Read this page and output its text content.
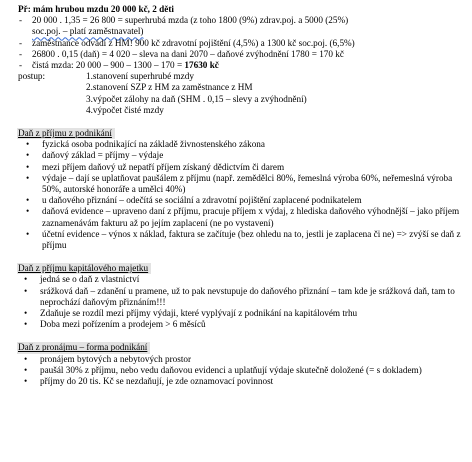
Př: mám hrubou mzdu 20 000 kč, 2 děti
- 20 000 . 1,35 = 26 800 = superhrubá mzda (z toho 1800 (9%) zdrav.poj. a 5000 (25%)
soc.poj. – platí zaměstnavatel)
- zaměstnance odvádí z HM! 900 kč zdravotní pojištění (4,5%) a 1300 kč soc.poj. (6,5%)
- 26800 . 0,15 (daň) = 4 020 – sleva na dani 2070 – daňové zvýhodnění 1780 = 170 kč
- čistá mzda: 20 000 – 900 – 1300 – 170 = 17630 kč
postup:	1.stanovení superhrubé mzdy
2.stanovení SZP z HM za zaměstnance z HM
3.výpočet zálohy na daň (SHM . 0,15 – slevy a zvýhodnění)
4.výpočet čisté mzdy
Daň z příjmu z podnikání
• fyzická osoba podnikající na základě živnostenského zákona
• daňový základ = příjmy – výdaje
• mezi příjem daňový už nepatří příjem získaný dědictvím či darem
• výdaje – dají se uplatňovat paušálem z příjmu (např. zemědělci 80%, řemeslná výroba 60%, neřemeslná výroba 50%, autorské honoráře a umělci 40%)
• u daňového přiznání – odečítá se sociální a zdravotní pojištění zaplacené podnikatelem
• daňová evidence – upraveno daní z příjmu, pracuje příjem x výdaj, z hlediska daňového výhodnější – jako příjem zaznamenávám fakturu až po jejím zaplacení (ne po vystavení)
• účetní evidence – výnos x náklad, faktura se začítuje (bez ohledu na to, jestli je zaplacena či ne) => zvýší se daň z příjmu
Daň z příjmu kapitálového majetku
• jedná se o daň z vlastnictví
• srážková daň – zdanění u pramene, už to pak nevstupuje do daňového přiznání – tam kde je srážková daň, tam to neprochází daňovým přiznáním!!!
• Zdaňuje se rozdíl mezi příjmy výdaji, které vyplývají z podnikání na kapitálovém trhu
• Doba mezi pořízením a prodejem > 6 měsíců
Daň z pronájmu – forma podnikání
• pronájem bytových a nebytových prostor
• paušál 30% z příjmu, nebo vedu daňovou evidenci a uplatňují výdaje skutečně doložené (= s dokladem)
• příjmy do 20 tis. Kč se nezdaňují, je zde oznamovací povinnost
